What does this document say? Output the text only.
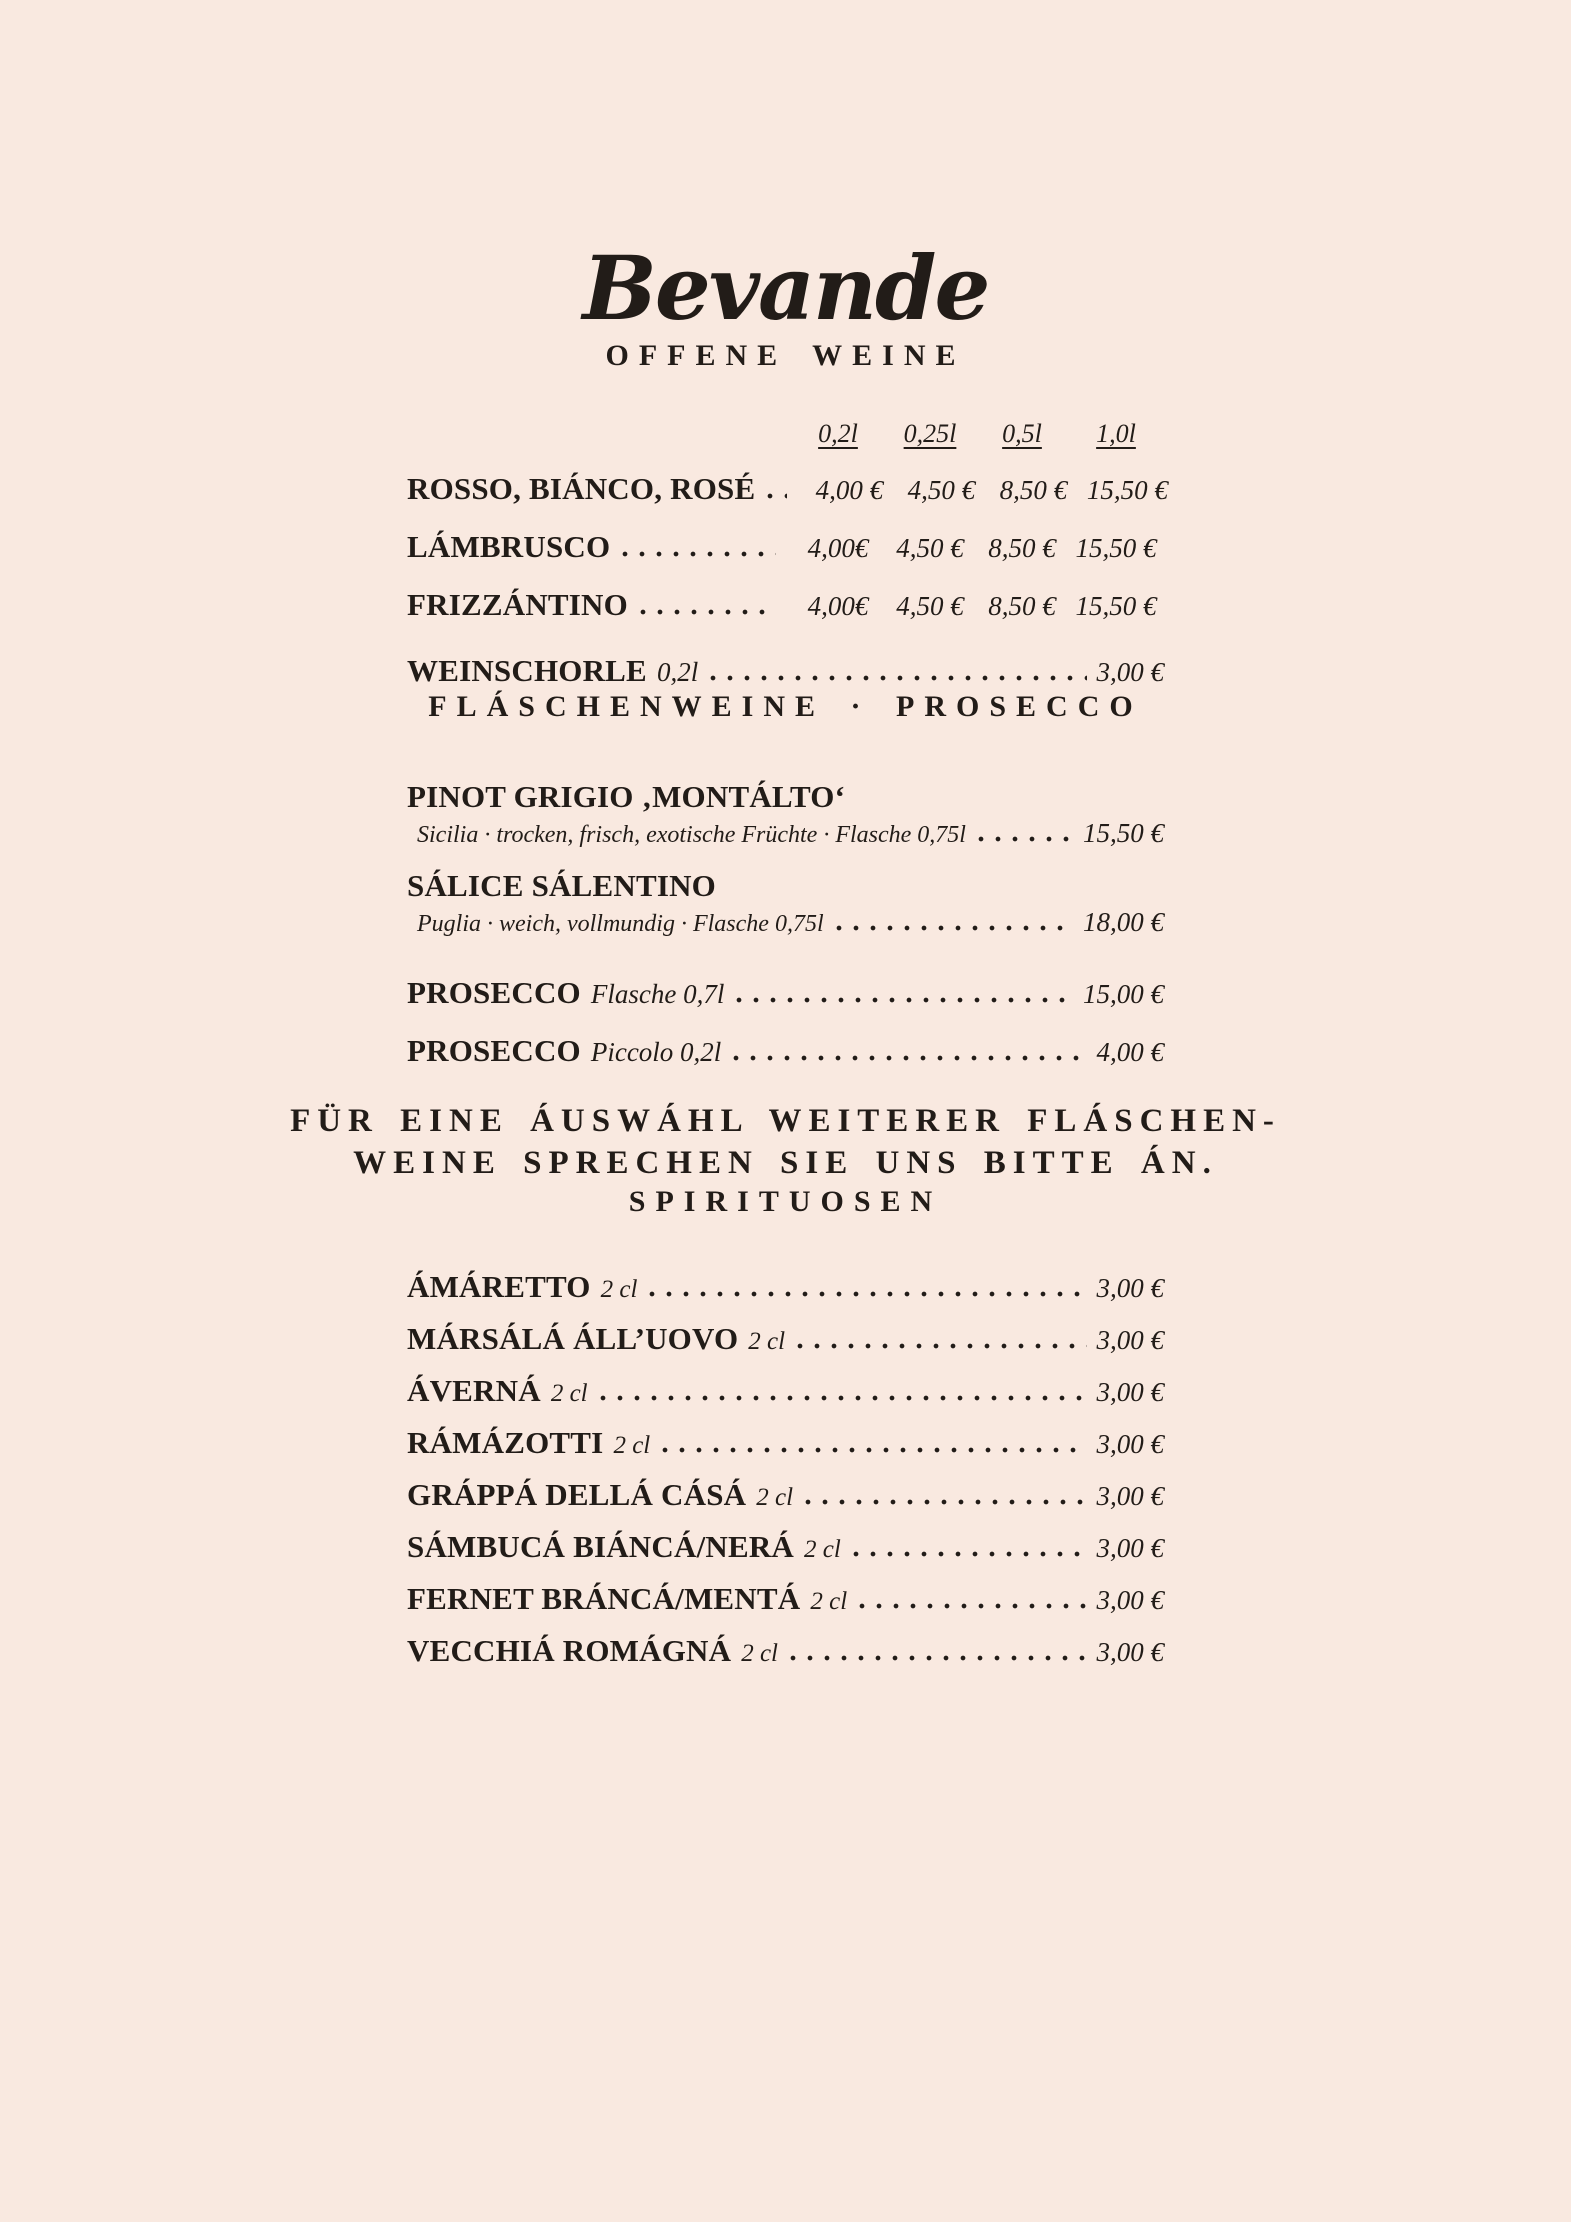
Bevande
OFFENE WEINE
0,2l	0,25l	0,5l	1,0l
ROSSO, BIÁNCO, ROSÉ	4,00 € 4,50 € 8,50 € 15,50 €
LÁMBRUSCO	4,00€	4,50 € 8,50 € 15,50 €
FRIZZÁNTINO	4,00€	4,50 € 8,50 € 15,50 €
WEINSCHORLE 0,2l	3,00 €
FLÁSCHENWEINE · PROSECCO
PINOT GRIGIO ‚MONTÁLTO‘
Sicilia · trocken, frisch, exotische Früchte · Flasche 0,75l	15,50 €
SÁLICE SÁLENTINO
Puglia · weich, vollmundig · Flasche 0,75l	18,00 €
PROSECCO Flasche 0,7l	15,00 €
PROSECCO Piccolo 0,2l	4,00 €
FÜR EINE ÁUSWÁHL WEITERER FLÁSCHEN-
WEINE SPRECHEN SIE UNS BITTE ÁN.
SPIRITUOSEN
ÁMÁRETTO 2 cl	3,00 €
MÁRSÁLÁ ÁLL’UOVO 2 cl	3,00 €
ÁVERNÁ 2 cl	3,00 €
RÁMÁZOTTI 2 cl	3,00 €
GRÁPPÁ DELLÁ CÁSÁ 2 cl	3,00 €
SÁMBUCÁ BIÁNCÁ/NERÁ 2 cl	3,00 €
FERNET BRÁNCÁ/MENTÁ 2 cl	3,00 €
VECCHIÁ ROMÁGNÁ 2 cl	3,00 €
